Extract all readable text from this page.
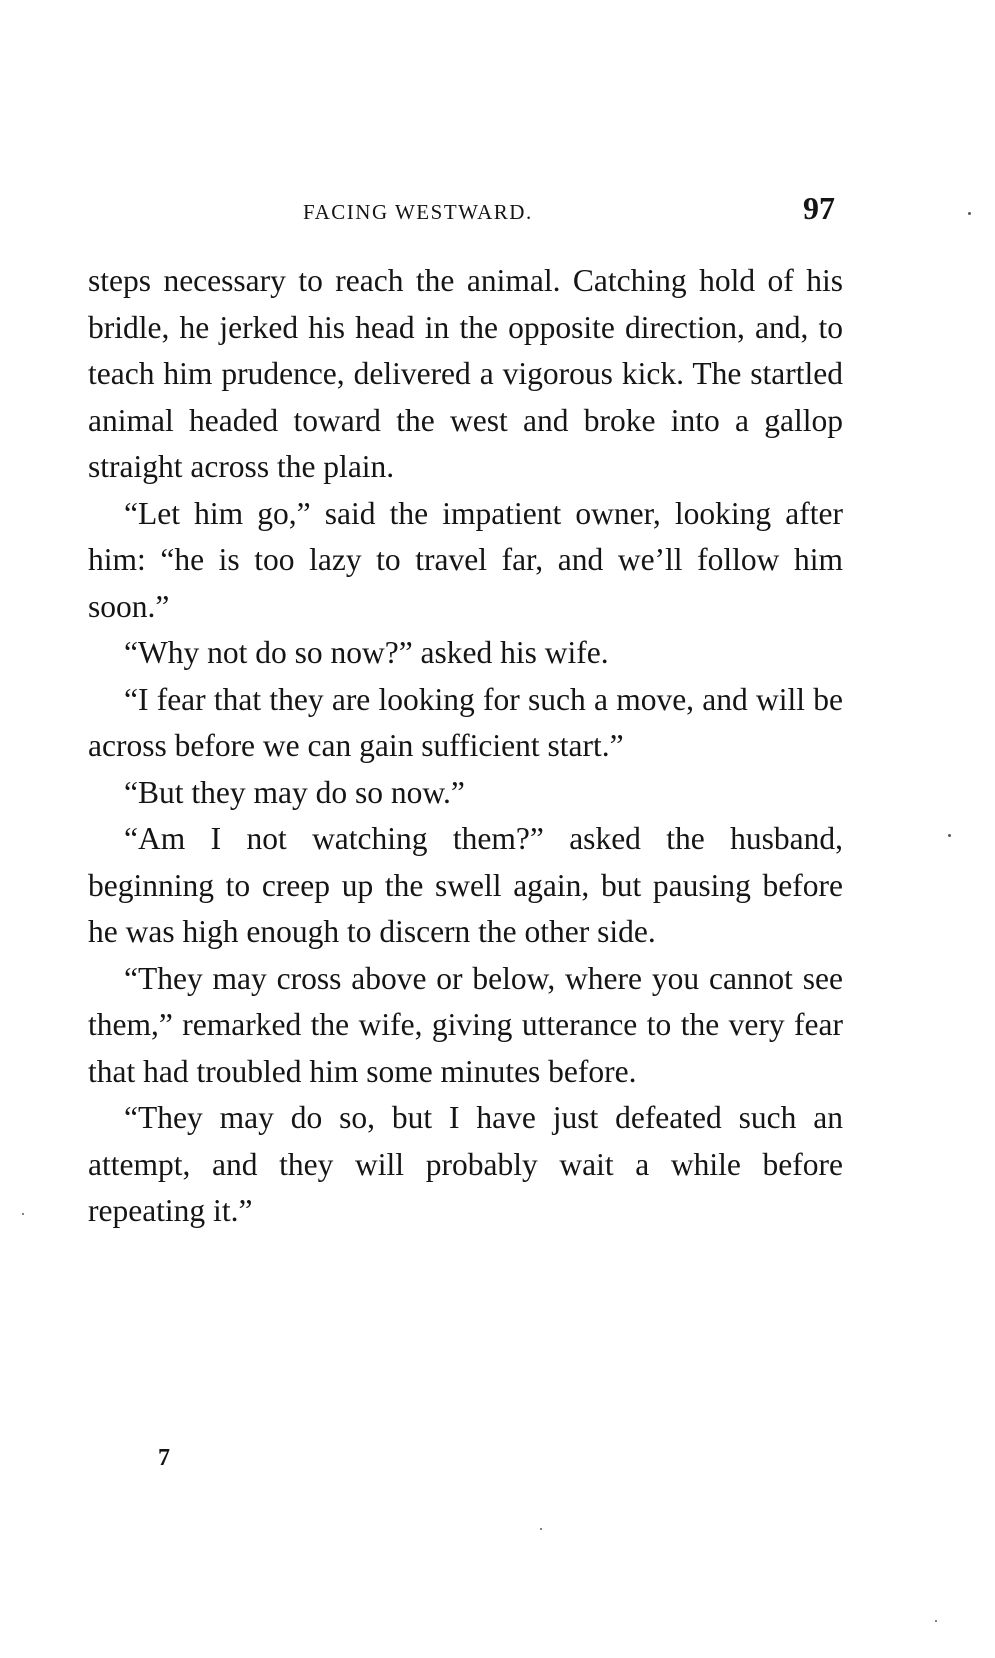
FACING WESTWARD.	97

steps necessary to reach the animal. Catching hold of his bridle, he jerked his head in the opposite direction, and, to teach him prudence, delivered a vigorous kick. The startled animal headed toward the west and broke into a gallop straight across the plain.

“Let him go,” said the impatient owner, looking after him: “he is too lazy to travel far, and we’ll follow him soon.”

“Why not do so now?” asked his wife.

“I fear that they are looking for such a move, and will be across before we can gain sufficient start.”

“But they may do so now.”

“Am I not watching them?” asked the husband, beginning to creep up the swell again, but pausing before he was high enough to discern the other side.

“They may cross above or below, where you cannot see them,” remarked the wife, giving utterance to the very fear that had troubled him some minutes before.

“They may do so, but I have just defeated such an attempt, and they will probably wait a while before repeating it.”

7
